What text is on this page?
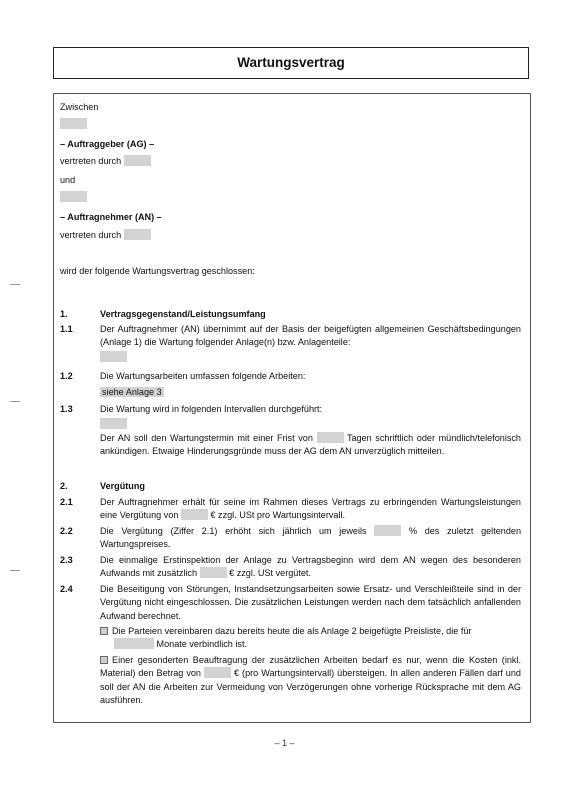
Wartungsvertrag
Zwischen
– Auftraggeber (AG) –
vertreten durch
und
– Auftragnehmer (AN) –
vertreten durch
wird der folgende Wartungsvertrag geschlossen:
1.	Vertragsgegenstand/Leistungsumfang
1.1	Der Auftragnehmer (AN) übernimmt auf der Basis der beigefügten allgemeinen Geschäftsbedingungen (Anlage 1) die Wartung folgender Anlage(n) bzw. Anlagenteile:
1.2	Die Wartungsarbeiten umfassen folgende Arbeiten:
siehe Anlage 3
1.3	Die Wartung wird in folgenden Intervallen durchgeführt:
Der AN soll den Wartungstermin mit einer Frist von	Tagen schriftlich oder mündlich/telefonisch ankündigen. Etwaige Hinderungsgründe muss der AG dem AN unverzüglich mitteilen.
2.	Vergütung
2.1	Der Auftragnehmer erhält für seine im Rahmen dieses Vertrags zu erbringenden Wartungsleistungen eine Vergütung von	€ zzgl. USt pro Wartungsintervall.
2.2	Die Vergütung (Ziffer 2.1) erhöht sich jährlich um jeweils	% des zuletzt geltenden Wartungspreises.
2.3	Die einmalige Erstinspektion der Anlage zu Vertragsbeginn wird dem AN wegen des besonderen Aufwands mit zusätzlich	€ zzgl. USt vergütet.
2.4	Die Beseitigung von Störungen, Instandsetzungsarbeiten sowie Ersatz- und Verschleißteile sind in der Vergütung nicht eingeschlossen. Die zusätzlichen Leistungen werden nach dem tatsächlich anfallenden Aufwand berechnet.
Die Parteien vereinbaren dazu bereits heute die als Anlage 2 beigefügte Preisliste, die für
Monate verbindlich ist.
Einer gesonderten Beauftragung der zusätzlichen Arbeiten bedarf es nur, wenn die Kosten (inkl. Material) den Betrag von	€ (pro Wartungsintervall) übersteigen. In allen anderen Fällen darf und soll der AN die Arbeiten zur Vermeidung von Verzögerungen ohne vorherige Rücksprache mit dem AG ausführen.
– 1 –
